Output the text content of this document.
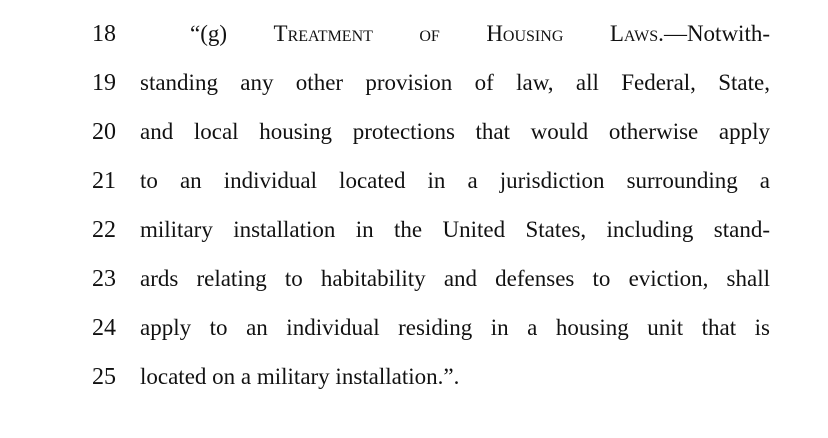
18	“(g) Treatment of Housing Laws.—Notwith-
19	standing any other provision of law, all Federal, State,
20	and local housing protections that would otherwise apply
21	to an individual located in a jurisdiction surrounding a
22	military installation in the United States, including stand-
23	ards relating to habitability and defenses to eviction, shall
24	apply to an individual residing in a housing unit that is
25	located on a military installation.”.
